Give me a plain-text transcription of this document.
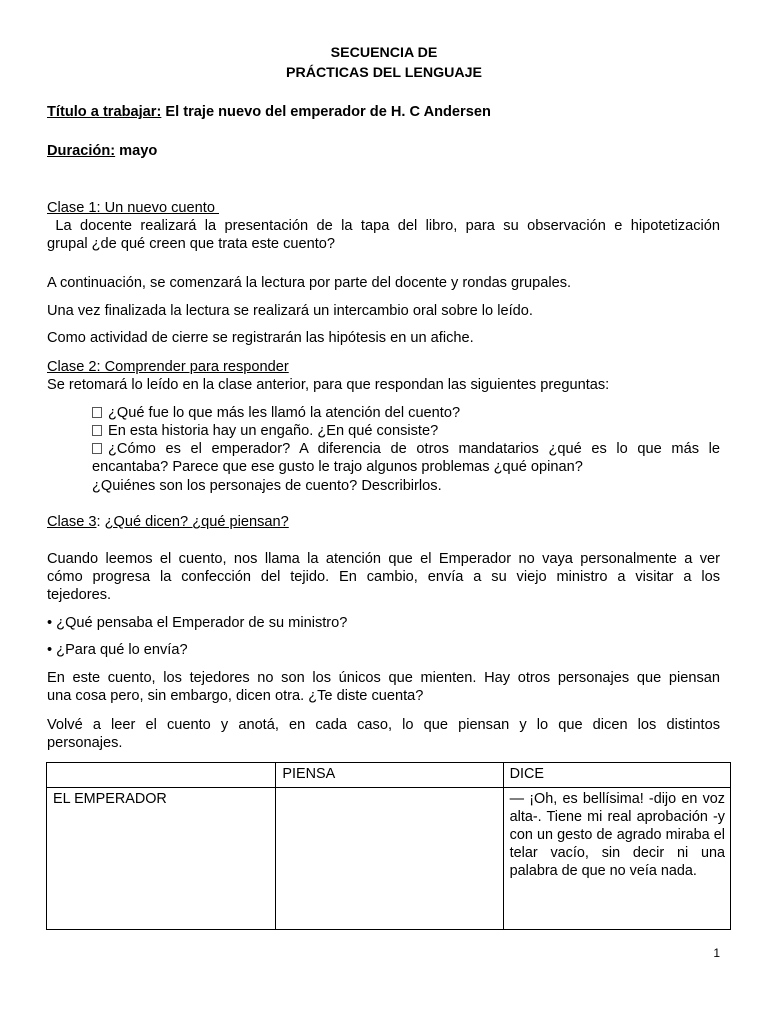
SECUENCIA DE
PRÁCTICAS DEL LENGUAJE
Título a trabajar: El traje nuevo del emperador de H. C Andersen
Duración: mayo
Clase 1: Un nuevo cuento
La docente realizará la presentación de la tapa del libro, para su observación e hipotetización
grupal ¿de qué creen que trata este cuento?
A continuación, se comenzará la lectura por parte del docente y rondas grupales.
Una vez finalizada la lectura se realizará un intercambio oral sobre lo leído.
Como actividad de cierre se registrarán las hipótesis en un afiche.
Clase 2: Comprender para responder
Se retomará lo leído en la clase anterior, para que respondan las siguientes preguntas:
¿Qué fue lo que más les llamó la atención del cuento?
En esta historia hay un engaño. ¿En qué consiste?
¿Cómo es el emperador? A diferencia de otros mandatarios ¿qué es lo que más le
encantaba? Parece que ese gusto le trajo algunos problemas ¿qué opinan?
¿Quiénes son los personajes de cuento? Describirlos.
Clase 3: ¿Qué dicen? ¿qué piensan?
Cuando leemos el cuento, nos llama la atención que el Emperador no vaya personalmente a ver
cómo progresa la confección del tejido. En cambio, envía a su viejo ministro a visitar a los
tejedores.
• ¿Qué pensaba el Emperador de su ministro?
• ¿Para qué lo envía?
En este cuento, los tejedores no son los únicos que mienten. Hay otros personajes que piensan
una cosa pero, sin embargo, dicen otra. ¿Te diste cuenta?
Volvé a leer el cuento y anotá, en cada caso, lo que piensan y lo que dicen los distintos
personajes.
	PIENSA	DICE
EL EMPERADOR		— ¡Oh, es bellísima! -dijo en voz alta-. Tiene mi real aprobación -y con un gesto de agrado miraba el telar vacío, sin decir ni una palabra de que no veía nada.
1
